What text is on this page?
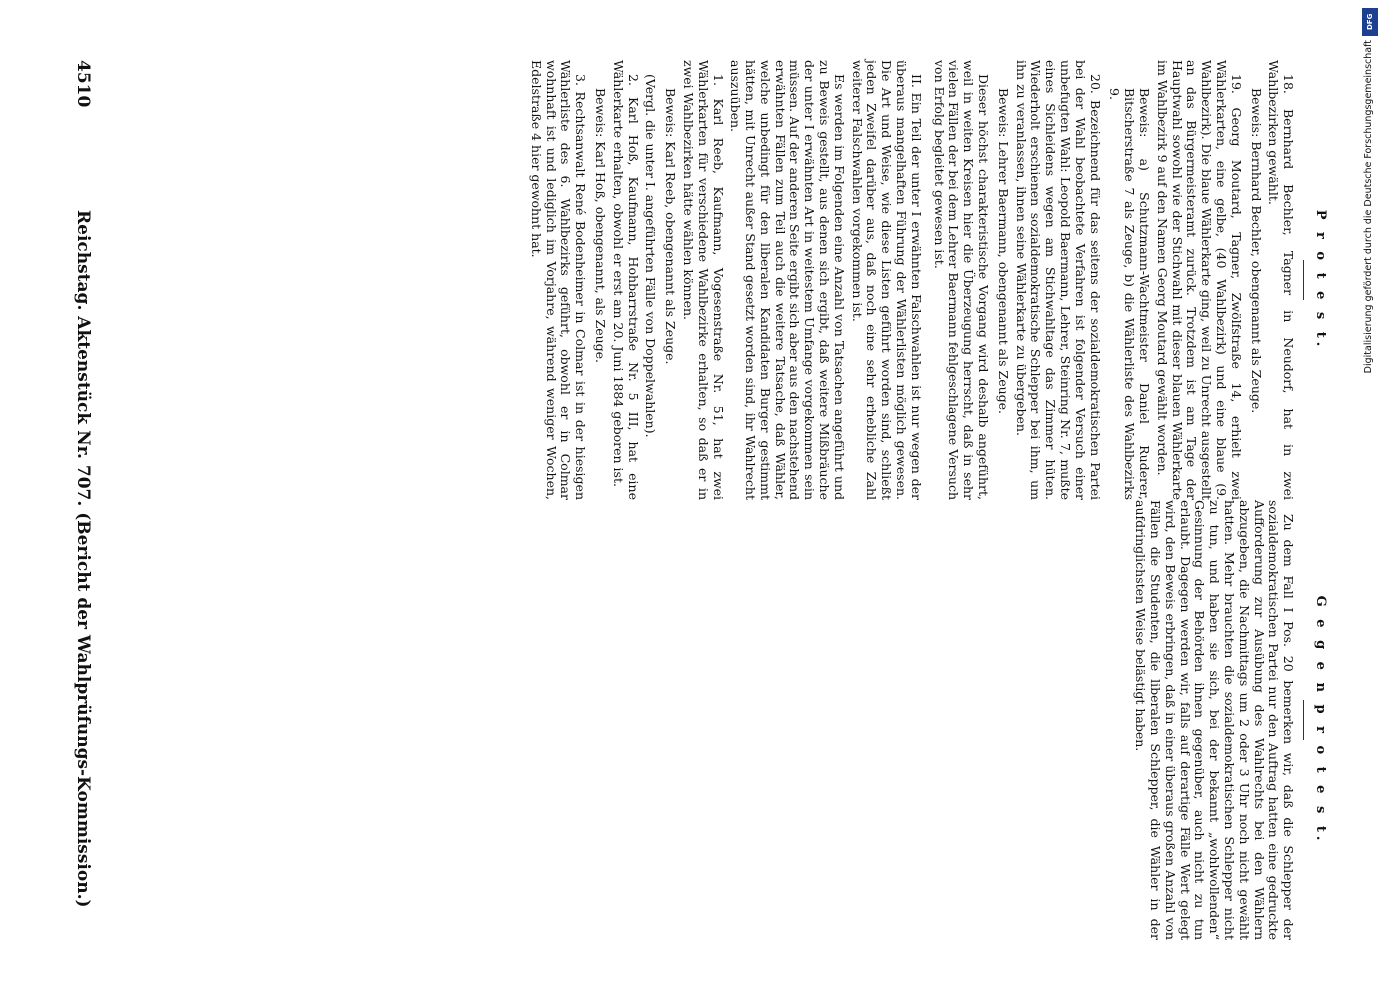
4510
Reichstag. Aktenstück Nr. 707. (Bericht der Wahlprüfungs-Kommission.)	P r o t e s t.

18. Bernhard Bechler, Tagner in Neudorf, hat in zwei Wahlbezirken gewählt.

Beweis: Bernhard Bechler, obengenannt als Zeuge.

19. Georg Moutard, Tagner, Zwölfstraße 14, erhielt zwei Wählerkarten, eine gelbe, (40 Wahlbezirk) und eine blaue (9. Wahlbezirk). Die blaue Wählerkarte ging, weil zu Unrecht ausgestellt an das Bürgermeisteramt zurück. Trotzdem ist am Tage der Hauptwahl sowohl wie der Stichwahl mit dieser blauen Wählerkarte im Wahlbezirk 9 auf den Namen Georg Moutard gewählt worden.

Beweis: a) Schutzmann-Wachtmeister Daniel Ruderer, Bitscherstraße 7 als Zeuge, b) die Wählerliste des Wahlbezirks 9.

20. Bezeichnend für das seitens der sozialdemokratischen Partei bei der Wahl beobachtete Verfahren ist folgender Versuch einer unbefugten Wahl: Leopold Baermann, Lehrer, Steinring Nr. 7, mußte eines Sichleidens wegen am Stichwahltage das Zimmer hüten. Wiederholt erschienen sozialdemokratische Schlepper bei ihm, um ihn zu veranlassen, ihnen seine Wählerkarte zu übergeben.

Beweis: Lehrer Baermann, obengenannt als Zeuge.

Dieser höchst charakteristische Vorgang wird deshalb angeführt, weil in weiten Kreisen hier die Überzeugung herrscht, daß in sehr vielen Fällen der bei dem Lehrer Baermann fehlgeschlagene Versuch von Erfolg begleitet gewesen ist.

II. Ein Teil der unter I erwähnten Falschwahlen ist nur wegen der überaus mangelhaften Führung der Wählerlisten möglich gewesen. Die Art und Weise, wie diese Listen geführt worden sind, schließt jeden Zweifel darüber aus, daß noch eine sehr erhebliche Zahl weiterer Falschwahlen vorgekommen ist.

Es werden im Folgenden eine Anzahl von Tatsachen angeführt und zu Beweis gestellt, aus denen sich ergibt, daß weitere Mißbräuche der unter I erwähnten Art in weitestem Umfange vorgekommen sein müssen. Auf der anderen Seite ergibt sich aber aus den nachstehend erwähnten Fällen zum Teil auch die weitere Tatsache, daß Wähler, welche unbedingt für den liberalen Kandidaten Burger gestimmt hätten, mit Unrecht außer Stand gesetzt worden sind, ihr Wahlrecht auszuüben.

1. Karl Reeb, Kaufmann, Vogesenstraße Nr. 51, hat zwei Wählerkarten für verschiedene Wahlbezirke erhalten, so daß er in zwei Wahlbezirken hätte wählen können.

Beweis: Karl Reeb, obengenannt als Zeuge.

(Vergl. die unter I. angeführten Fälle von Doppelwahlen).

2. Karl Hoß, Kaufmann, Hohbarrstraße Nr. 5 III, hat eine Wählerkarte erhalten, obwohl er erst am 20. Juni 1884 geboren ist.

Beweis: Karl Hoß, obengenannt, als Zeuge.

3. Rechtsanwalt René Bodenheimer in Colmar ist in der hiesigen Wählerliste des 6. Wahlbezirks geführt, obwohl er in Colmar wohnhaft ist und lediglich im Vorjahre, während weniger Wochen, Edelstraße 4 hier gewohnt hat.

G e g e n p r o t e s t.

Zu dem Fall I Pos. 20 bemerken wir, daß die Schlepper der sozialdemokratischen Partei nur den Auftrag hatten eine gedruckte Aufforderung zur Ausübung des Wahlrechts bei den Wählern abzugeben, die Nachmittags um 2 oder 3 Uhr noch nicht gewählt hatten. Mehr brauchten die sozialdemokratischen Schlepper nicht zu tun, und haben sie sich, bei der bekannt „wohlwollenden“ Gesinnung der Behörden ihnen gegenüber, auch nicht zu tun erlaubt. Dagegen werden wir, falls auf derartige Fälle Wert gelegt wird, den Beweis erbringen, daß in einer überaus großen Anzahl von Fällen die Studenten, die liberalen Schlepper, die Wähler in der aufdringlichsten Weise belästigt haben.

DFG
Digitalisierung gefördert durch die Deutsche Forschungsgemeinschaft
